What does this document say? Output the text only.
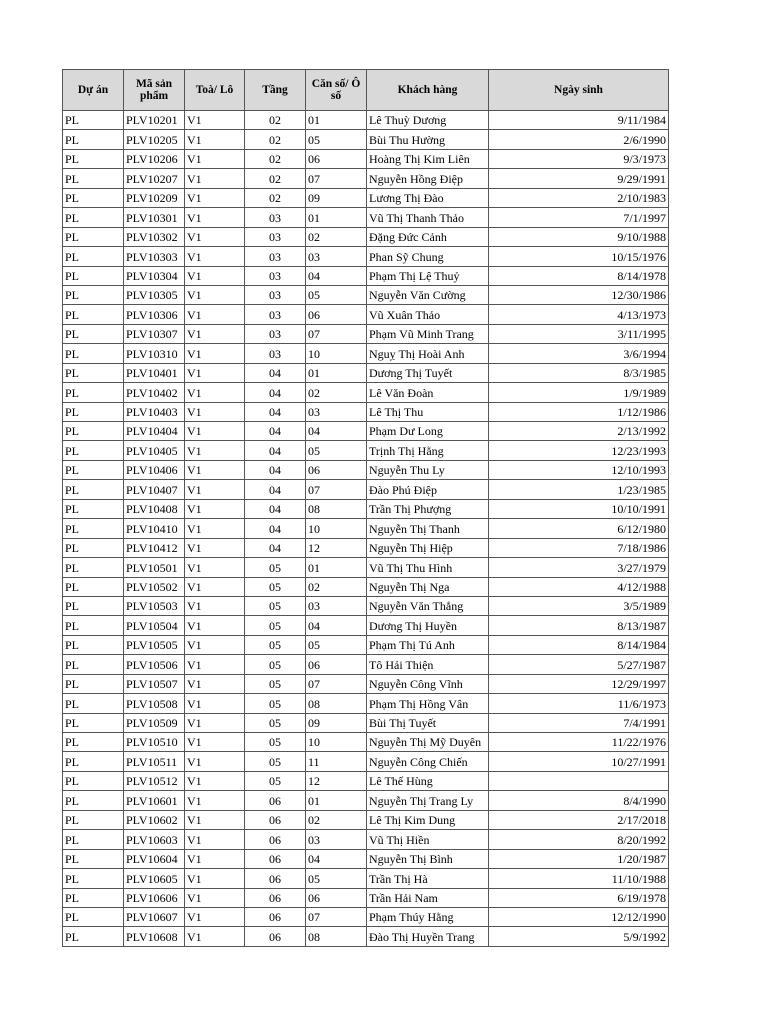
Dự án	Mã sản phẩm	Toà/ Lô	Tầng	Căn số/ Ô số	Khách hàng	Ngày sinh
PL	PLV10201	V1	02	01	Lê Thuỳ Dương	9/11/1984
PL	PLV10205	V1	02	05	Bùi Thu Hường	2/6/1990
PL	PLV10206	V1	02	06	Hoàng Thị Kim Liên	9/3/1973
PL	PLV10207	V1	02	07	Nguyễn Hồng Điệp	9/29/1991
PL	PLV10209	V1	02	09	Lương Thị Đào	2/10/1983
PL	PLV10301	V1	03	01	Vũ Thị Thanh Thảo	7/1/1997
PL	PLV10302	V1	03	02	Đặng Đức Cảnh	9/10/1988
PL	PLV10303	V1	03	03	Phan Sỹ Chung	10/15/1976
PL	PLV10304	V1	03	04	Phạm Thị Lệ Thuỷ	8/14/1978
PL	PLV10305	V1	03	05	Nguyễn Văn Cường	12/30/1986
PL	PLV10306	V1	03	06	Vũ Xuân Thảo	4/13/1973
PL	PLV10307	V1	03	07	Phạm Vũ Minh Trang	3/11/1995
PL	PLV10310	V1	03	10	Nguỵ Thị Hoài Anh	3/6/1994
PL	PLV10401	V1	04	01	Dương Thị Tuyết	8/3/1985
PL	PLV10402	V1	04	02	Lê Văn Đoàn	1/9/1989
PL	PLV10403	V1	04	03	Lê Thị Thu	1/12/1986
PL	PLV10404	V1	04	04	Phạm Dư Long	2/13/1992
PL	PLV10405	V1	04	05	Trịnh Thị Hằng	12/23/1993
PL	PLV10406	V1	04	06	Nguyễn Thu Ly	12/10/1993
PL	PLV10407	V1	04	07	Đào Phú Điệp	1/23/1985
PL	PLV10408	V1	04	08	Trần Thị Phượng	10/10/1991
PL	PLV10410	V1	04	10	Nguyễn Thị Thanh	6/12/1980
PL	PLV10412	V1	04	12	Nguyễn Thị Hiệp	7/18/1986
PL	PLV10501	V1	05	01	Vũ Thị Thu Hình	3/27/1979
PL	PLV10502	V1	05	02	Nguyễn Thị Nga	4/12/1988
PL	PLV10503	V1	05	03	Nguyễn Văn Thắng	3/5/1989
PL	PLV10504	V1	05	04	Dương Thị Huyền	8/13/1987
PL	PLV10505	V1	05	05	Phạm Thị Tú Anh	8/14/1984
PL	PLV10506	V1	05	06	Tô Hải Thiện	5/27/1987
PL	PLV10507	V1	05	07	Nguyễn Công Vĩnh	12/29/1997
PL	PLV10508	V1	05	08	Phạm Thị Hồng Vân	11/6/1973
PL	PLV10509	V1	05	09	Bùi Thị Tuyết	7/4/1991
PL	PLV10510	V1	05	10	Nguyễn Thị Mỹ Duyên	11/22/1976
PL	PLV10511	V1	05	11	Nguyễn Công Chiến	10/27/1991
PL	PLV10512	V1	05	12	Lê Thế Hùng	
PL	PLV10601	V1	06	01	Nguyễn Thị Trang Ly	8/4/1990
PL	PLV10602	V1	06	02	Lê Thị Kim Dung	2/17/2018
PL	PLV10603	V1	06	03	Vũ Thị Hiền	8/20/1992
PL	PLV10604	V1	06	04	Nguyễn Thị Bình	1/20/1987
PL	PLV10605	V1	06	05	Trần Thị Hà	11/10/1988
PL	PLV10606	V1	06	06	Trần Hải Nam	6/19/1978
PL	PLV10607	V1	06	07	Phạm Thúy Hằng	12/12/1990
PL	PLV10608	V1	06	08	Đào Thị Huyền Trang	5/9/1992
